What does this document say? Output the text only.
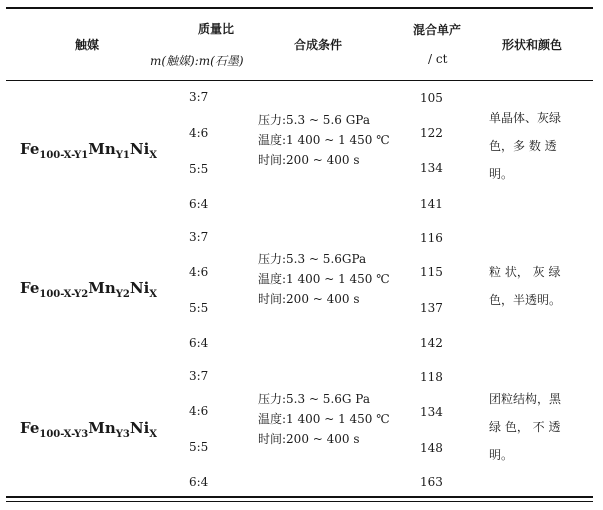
触媒
质量比
m(触媒):m(石墨)
合成条件
混合单产
/ ct
形状和颜色
$Fe_{100-X-Y1}Mn_{Y1}Ni_X$
3:7
4:6
5:5
6:4
压力:5.3 ~ 5.6 GPa
温度:1 400 ~ 1 450 ℃
时间:200 ~ 400 s
105
122
134
141
单晶体、灰绿
色，多 数 透
明。
$Fe_{100-X-Y2}Mn_{Y2}Ni_X$
3:7
4:6
5:5
6:4
压力:5.3 ~ 5.6GPa
温度:1 400 ~ 1 450 ℃
时间:200 ~ 400 s
116
115
137
142
粒 状， 灰 绿
色，半透明。
$Fe_{100-X-Y3}Mn_{Y3}Ni_X$
3:7
4:6
5:5
6:4
压力:5.3 ~ 5.6G Pa
温度:1 400 ~ 1 450 ℃
时间:200 ~ 400 s
118
134
148
163
团粒结构，黑
绿 色， 不 透
明。
